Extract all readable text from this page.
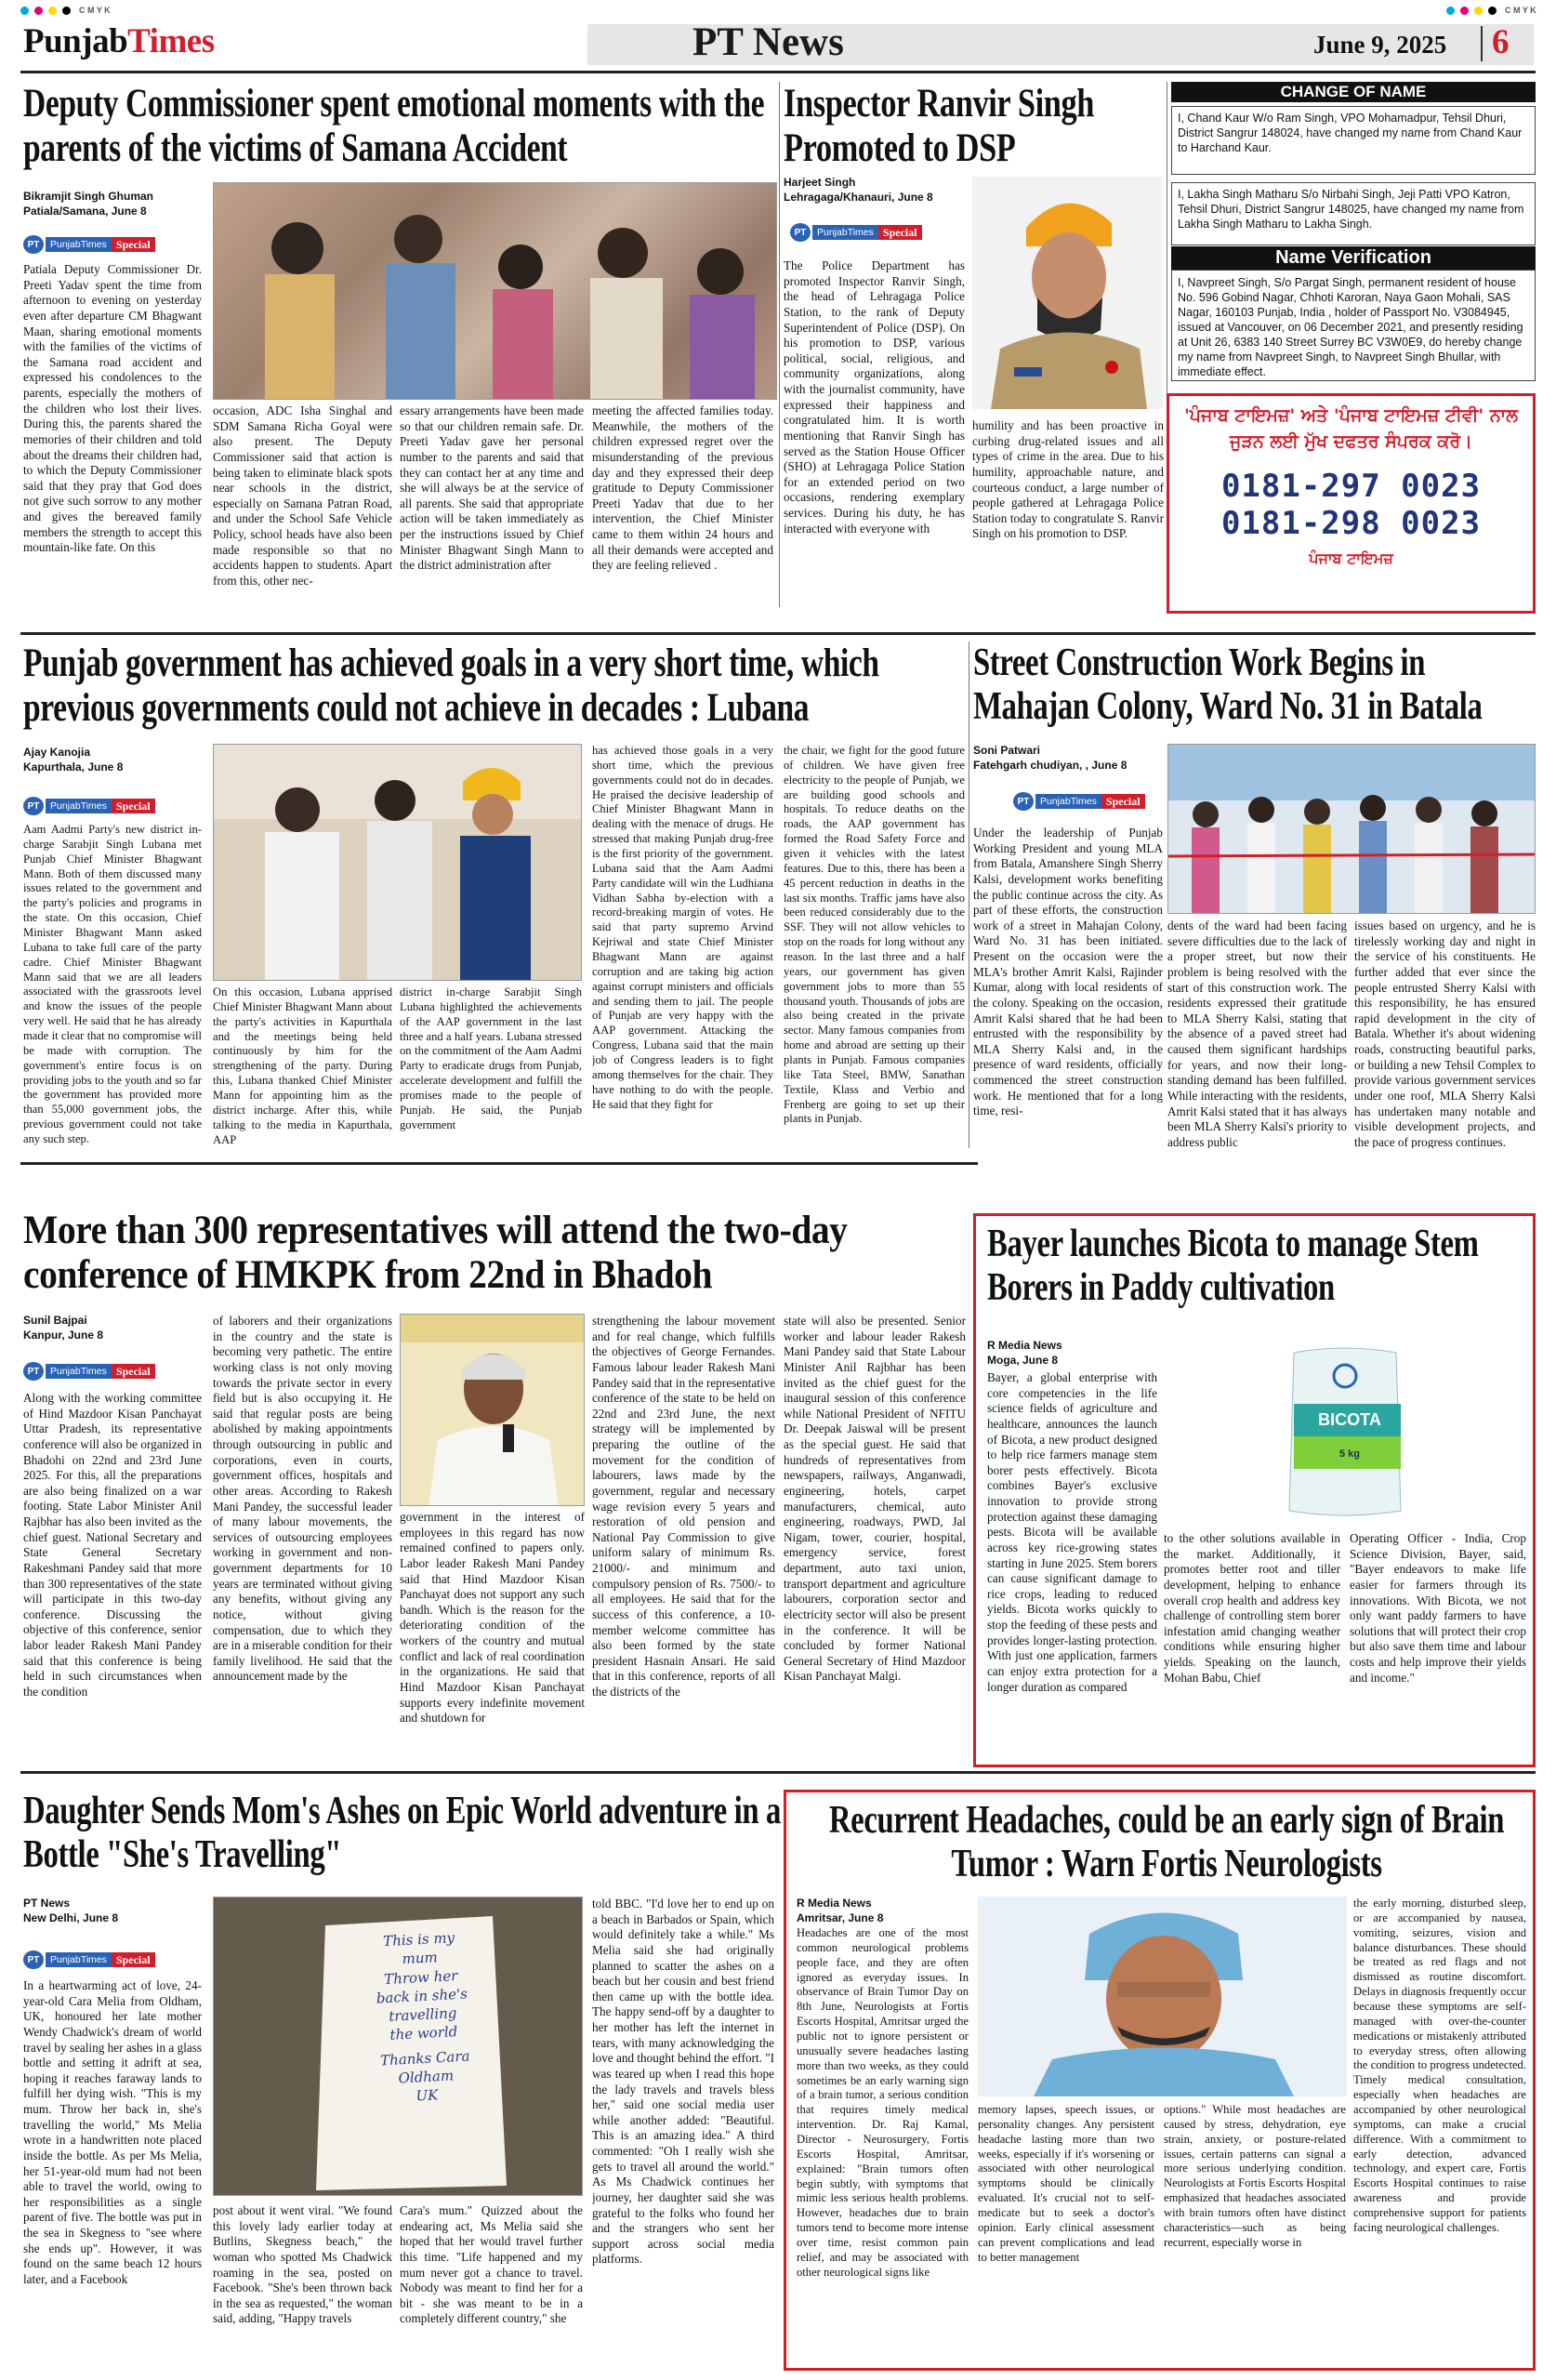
C M Y K	C M Y K
PunjabTimes	PT News	June 9, 2025 6
Deputy Commissioner spent emotional moments with the parents of the victims of Samana Accident
Bikramjit Singh Ghuman
Patiala/Samana, June 8
PT	PunjabTimes Special
Patiala Deputy Commissioner Dr. Preeti Yadav spent the time from afternoon to evening on yesterday even after departure CM Bhagwant Maan, sharing emotional moments with the families of the victims of the Samana road accident and expressed his condolences to the parents, especially the mothers of the children who lost their lives. During this, the parents shared the memories of their children and told about the dreams their children had, to which the Deputy Commissioner said that they pray that God does not give such sorrow to any mother and gives the bereaved family members the strength to accept this mountain-like fate. On this
occasion, ADC Isha Singhal and SDM Samana Richa Goyal were also present. The Deputy Commissioner said that action is being taken to eliminate black spots near schools in the district, especially on Samana Patran Road, and under the School Safe Vehicle Policy, school heads have also been made responsible so that no accidents happen to students. Apart from this, other nec-
essary arrangements have been made so that our children remain safe. Dr. Preeti Yadav gave her personal number to the parents and said that they can contact her at any time and she will always be at the service of all parents. She said that appropriate action will be taken immediately as per the instructions issued by Chief Minister Bhagwant Singh Mann to the district administration after
meeting the affected families today. Meanwhile, the mothers of the children expressed regret over the misunderstanding of the previous day and they expressed their deep gratitude to Deputy Commissioner Preeti Yadav that due to her intervention, the Chief Minister came to them within 24 hours and all their demands were accepted and they are feeling relieved .
Inspector Ranvir Singh Promoted to DSP
Harjeet Singh
Lehragaga/Khanauri, June 8
PT	PunjabTimes Special
The Police Department has promoted Inspector Ranvir Singh, the head of Lehragaga Police Station, to the rank of Deputy Superintendent of Police (DSP). On his promotion to DSP, various political, social, religious, and community organizations, along with the journalist community, have expressed their happiness and congratulated him. It is worth mentioning that Ranvir Singh has served as the Station House Officer (SHO) at Lehragaga Police Station for an extended period on two occasions, rendering exemplary services. During his duty, he has interacted with everyone with
humility and has been proactive in curbing drug-related issues and all types of crime in the area. Due to his humility, approachable nature, and courteous conduct, a large number of people gathered at Lehragaga Police Station today to congratulate S. Ranvir Singh on his promotion to DSP.
CHANGE OF NAME
I, Chand Kaur W/o Ram Singh, VPO Mohamadpur, Tehsil Dhuri, District Sangrur 148024, have changed my name from Chand Kaur to Harchand Kaur.
I, Lakha Singh Matharu S/o Nirbahi Singh, Jeji Patti VPO Katron, Tehsil Dhuri, District Sangrur 148025, have changed my name from Lakha Singh Matharu to Lakha Singh.
Name Verification
I, Navpreet Singh, S/o Pargat Singh, permanent resident of house No. 596 Gobind Nagar, Chhoti Karoran, Naya Gaon Mohali, SAS Nagar, 160103 Punjab, India , holder of Passport No. V3084945, issued at Vancouver, on 06 December 2021, and presently residing at Unit 26, 6383 140 Street Surrey BC V3W0E9, do hereby change my name from Navpreet Singh, to Navpreet Singh Bhullar, with immediate effect.
'ਪੰਜਾਬ ਟਾਇਮਜ਼' ਅਤੇ 'ਪੰਜਾਬ ਟਾਇਮਜ਼ ਟੀਵੀ' ਨਾਲ
ਜੁੜਨ ਲਈ ਮੁੱਖ ਦਫਤਰ ਸੰਪਰਕ ਕਰੋ।
0181-297 0023
0181-298 0023
ਪੰਜਾਬ ਟਾਇਮਜ਼
Punjab government has achieved goals in a very short time, which previous governments could not achieve in decades : Lubana
Ajay Kanojia
Kapurthala, June 8
PT	PunjabTimes Special
Aam Aadmi Party's new district in-charge Sarabjit Singh Lubana met Punjab Chief Minister Bhagwant Mann. Both of them discussed many issues related to the government and the party's policies and programs in the state. On this occasion, Chief Minister Bhagwant Mann asked Lubana to take full care of the party cadre. Chief Minister Bhagwant Mann said that we are all leaders associated with the grassroots level and know the issues of the people very well. He said that he has already made it clear that no compromise will be made with corruption. The government's entire focus is on providing jobs to the youth and so far the government has provided more than 55,000 government jobs, the previous government could not take any such step.
On this occasion, Lubana apprised Chief Minister Bhagwant Mann about the party's activities in Kapurthala and the meetings being held continuously by him for the strengthening of the party. During this, Lubana thanked Chief Minister Mann for appointing him as the district incharge. After this, while talking to the media in Kapurthala, AAP
district in-charge Sarabjit Singh Lubana highlighted the achievements of the AAP government in the last three and a half years. Lubana stressed on the commitment of the Aam Aadmi Party to eradicate drugs from Punjab, accelerate development and fulfill the promises made to the people of Punjab. He said, the Punjab government
has achieved those goals in a very short time, which the previous governments could not do in decades. He praised the decisive leadership of Chief Minister Bhagwant Mann in dealing with the menace of drugs. He stressed that making Punjab drug-free is the first priority of the government. Lubana said that the Aam Aadmi Party candidate will win the Ludhiana Vidhan Sabha by-election with a record-breaking margin of votes. He said that party supremo Arvind Kejriwal and state Chief Minister Bhagwant Mann are against corruption and are taking big action against corrupt ministers and officials and sending them to jail. The people of Punjab are very happy with the AAP government. Attacking the Congress, Lubana said that the main job of Congress leaders is to fight among themselves for the chair. They have nothing to do with the people. He said that they fight for
the chair, we fight for the good future of children. We have given free electricity to the people of Punjab, we are building good schools and hospitals. To reduce deaths on the roads, the AAP government has formed the Road Safety Force and given it vehicles with the latest features. Due to this, there has been a 45 percent reduction in deaths in the last six months. Traffic jams have also been reduced considerably due to the SSF. They will not allow vehicles to stop on the roads for long without any reason. In the last three and a half years, our government has given government jobs to more than 55 thousand youth. Thousands of jobs are also being created in the private sector. Many famous companies from home and abroad are setting up their plants in Punjab. Famous companies like Tata Steel, BMW, Sanathan Textile, Klass and Verbio and Frenberg are going to set up their plants in Punjab.
Street Construction Work Begins in Mahajan Colony, Ward No. 31 in Batala
Soni Patwari
Fatehgarh chudiyan, , June 8
PT	PunjabTimes Special
Under the leadership of Punjab Working President and young MLA from Batala, Amanshere Singh Sherry Kalsi, development works benefiting the public continue across the city. As part of these efforts, the construction work of a street in Mahajan Colony, Ward No. 31 has been initiated. Present on the occasion were the MLA's brother Amrit Kalsi, Rajinder Kumar, along with local residents of the colony. Speaking on the occasion, Amrit Kalsi shared that he had been entrusted with the responsibility by MLA Sherry Kalsi and, in the presence of ward residents, officially commenced the street construction work. He mentioned that for a long time, resi-
dents of the ward had been facing severe difficulties due to the lack of a proper street, but now their problem is being resolved with the start of this construction work. The residents expressed their gratitude to MLA Sherry Kalsi, stating that the absence of a paved street had caused them significant hardships for years, and now their long-standing demand has been fulfilled. While interacting with the residents, Amrit Kalsi stated that it has always been MLA Sherry Kalsi's priority to address public
issues based on urgency, and he is tirelessly working day and night in the service of his constituents. He further added that ever since the people entrusted Sherry Kalsi with this responsibility, he has ensured rapid development in the city of Batala. Whether it's about widening roads, constructing beautiful parks, or building a new Tehsil Complex to provide various government services under one roof, MLA Sherry Kalsi has undertaken many notable and visible development projects, and the pace of progress continues.
More than 300 representatives will attend the two-day conference of HMKPK from 22nd in Bhadoh
Sunil Bajpai
Kanpur, June 8
PT	PunjabTimes Special
Along with the working committee of Hind Mazdoor Kisan Panchayat Uttar Pradesh, its representative conference will also be organized in Bhadohi on 22nd and 23rd June 2025. For this, all the preparations are also being finalized on a war footing. State Labor Minister Anil Rajbhar has also been invited as the chief guest. National Secretary and State General Secretary Rakeshmani Pandey said that more than 300 representatives of the state will participate in this two-day conference. Discussing the objective of this conference, senior labor leader Rakesh Mani Pandey said that this conference is being held in such circumstances when the condition
of laborers and their organizations in the country and the state is becoming very pathetic. The entire working class is not only moving towards the private sector in every field but is also occupying it. He said that regular posts are being abolished by making appointments through outsourcing in public and corporations, even in courts, government offices, hospitals and other areas. According to Rakesh Mani Pandey, the successful leader of many labour movements, the services of outsourcing employees working in government and non-government departments for 10 years are terminated without giving any benefits, without giving any notice, without giving compensation, due to which they are in a miserable condition for their family livelihood. He said that the announcement made by the
government in the interest of employees in this regard has now remained confined to papers only. Labor leader Rakesh Mani Pandey said that Hind Mazdoor Kisan Panchayat does not support any such bandh. Which is the reason for the deteriorating condition of the workers of the country and mutual conflict and lack of real coordination in the organizations. He said that Hind Mazdoor Kisan Panchayat supports every indefinite movement and shutdown for
strengthening the labour movement and for real change, which fulfills the objectives of George Fernandes. Famous labour leader Rakesh Mani Pandey said that in the representative conference of the state to be held on 22nd and 23rd June, the next strategy will be implemented by preparing the outline of the movement for the condition of labourers, laws made by the government, regular and necessary wage revision every 5 years and restoration of old pension and National Pay Commission to give uniform salary of minimum Rs. 21000/- and minimum and compulsory pension of Rs. 7500/- to all employees. He said that for the success of this conference, a 10-member welcome committee has also been formed by the state president Hasnain Ansari. He said that in this conference, reports of all the districts of the
state will also be presented. Senior worker and labour leader Rakesh Mani Pandey said that State Labour Minister Anil Rajbhar has been invited as the chief guest for the inaugural session of this conference while National President of NFITU Dr. Deepak Jaiswal will be present as the special guest. He said that hundreds of representatives from newspapers, railways, Anganwadi, engineering, hotels, carpet manufacturers, chemical, auto engineering, roadways, PWD, Jal Nigam, tower, courier, hospital, emergency service, forest department, auto taxi union, transport department and agriculture labourers, corporation sector and electricity sector will also be present in the conference. It will be concluded by former National General Secretary of Hind Mazdoor Kisan Panchayat Malgi.
Bayer launches Bicota to manage Stem Borers in Paddy cultivation
R Media News
Moga, June 8
Bayer, a global enterprise with core competencies in the life science fields of agriculture and healthcare, announces the launch of Bicota, a new product designed to help rice farmers manage stem borer pests effectively. Bicota combines Bayer's exclusive innovation to provide strong protection against these damaging pests. Bicota will be available across key rice-growing states starting in June 2025. Stem borers can cause significant damage to rice crops, leading to reduced yields. Bicota works quickly to stop the feeding of these pests and provides longer-lasting protection. With just one application, farmers can enjoy extra protection for a longer duration as compared
BICOTA
5 kg
to the other solutions available in the market. Additionally, it promotes better root and tiller development, helping to enhance overall crop health and address key challenge of controlling stem borer infestation amid changing weather conditions while ensuring higher yields. Speaking on the launch, Mohan Babu, Chief
Operating Officer - India, Crop Science Division, Bayer, said, "Bayer endeavors to make life easier for farmers through its innovations. With Bicota, we not only want paddy farmers to have solutions that will protect their crop but also save them time and labour costs and help improve their yields and income."
Daughter Sends Mom's Ashes on Epic World adventure in a Bottle "She's Travelling"
PT News
New Delhi, June 8
PT	PunjabTimes Special
In a heartwarming act of love, 24-year-old Cara Melia from Oldham, UK, honoured her late mother Wendy Chadwick's dream of world travel by sealing her ashes in a glass bottle and setting it adrift at sea, hoping it reaches faraway lands to fulfill her dying wish. "This is my mum. Throw her back in, she's travelling the world," Ms Melia wrote in a handwritten note placed inside the bottle. As per Ms Melia, her 51-year-old mum had not been able to travel the world, owing to her responsibilities as a single parent of five. The bottle was put in the sea in Skegness to "see where she ends up". However, it was found on the same beach 12 hours later, and a Facebook
This is my
mum
Throw her
back in she's
travelling
the world
Thanks Cara
Oldham
UK
post about it went viral. "We found this lovely lady earlier today at Butlins, Skegness beach," the woman who spotted Ms Chadwick roaming in the sea, posted on Facebook. "She's been thrown back in the sea as requested," the woman said, adding, "Happy travels
Cara's mum." Quizzed about the endearing act, Ms Melia said she hoped that her would travel further this time. "Life happened and my mum never got a chance to travel. Nobody was meant to find her for a bit - she was meant to be in a completely different country," she
told BBC. "I'd love her to end up on a beach in Barbados or Spain, which would definitely take a while." Ms Melia said she had originally planned to scatter the ashes on a beach but her cousin and best friend then came up with the bottle idea. The happy send-off by a daughter to her mother has left the internet in tears, with many acknowledging the love and thought behind the effort. "I was teared up when I read this hope the lady travels and travels bless her," said one social media user while another added: "Beautiful. This is an amazing idea." A third commented: "Oh I really wish she gets to travel all around the world." As Ms Chadwick continues her journey, her daughter said she was grateful to the folks who found her and the strangers who sent her support across social media platforms.
Recurrent Headaches, could be an early sign of Brain Tumor : Warn Fortis Neurologists
R Media News
Amritsar, June 8
Headaches are one of the most common neurological problems people face, and they are often ignored as everyday issues. In observance of Brain Tumor Day on 8th June, Neurologists at Fortis Escorts Hospital, Amritsar urged the public not to ignore persistent or unusually severe headaches lasting more than two weeks, as they could sometimes be an early warning sign of a brain tumor, a serious condition that requires timely medical intervention. Dr. Raj Kamal, Director - Neurosurgery, Fortis Escorts Hospital, Amritsar, explained: "Brain tumors often begin subtly, with symptoms that mimic less serious health problems. However, headaches due to brain tumors tend to become more intense over time, resist common pain relief, and may be associated with other neurological signs like
memory lapses, speech issues, or personality changes. Any persistent headache lasting more than two weeks, especially if it's worsening or associated with other neurological symptoms should be clinically evaluated. It's crucial not to self-medicate but to seek a doctor's opinion. Early clinical assessment can prevent complications and lead to better management
options." While most headaches are caused by stress, dehydration, eye strain, anxiety, or posture-related issues, certain patterns can signal a more serious underlying condition. Neurologists at Fortis Escorts Hospital emphasized that headaches associated with brain tumors often have distinct characteristics—such as being recurrent, especially worse in
the early morning, disturbed sleep, or are accompanied by nausea, vomiting, seizures, vision and balance disturbances. These should be treated as red flags and not dismissed as routine discomfort. Delays in diagnosis frequently occur because these symptoms are self-managed with over-the-counter medications or mistakenly attributed to everyday stress, often allowing the condition to progress undetected. Timely medical consultation, especially when headaches are accompanied by other neurological symptoms, can make a crucial difference. With a commitment to early detection, advanced technology, and expert care, Fortis Escorts Hospital continues to raise awareness and provide comprehensive support for patients facing neurological challenges.
